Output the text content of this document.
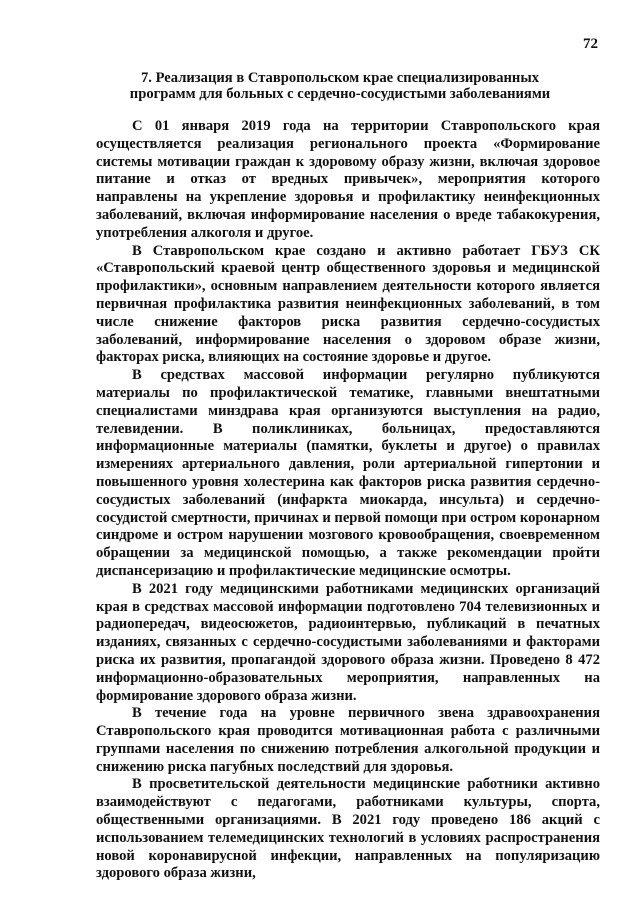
72
7. Реализация в Ставропольском крае специализированных
программ для больных с сердечно-сосудистыми заболеваниями

С 01 января 2019 года на территории Ставропольского края осуществляется реализация регионального проекта «Формирование системы мотивации граждан к здоровому образу жизни, включая здоровое питание и отказ от вредных привычек», мероприятия которого направлены на укрепление здоровья и профилактику неинфекционных заболеваний, включая информирование населения о вреде табакокурения, употребления алкоголя и другое.

В Ставропольском крае создано и активно работает ГБУЗ СК «Ставропольский краевой центр общественного здоровья и медицинской профилактики», основным направлением деятельности которого является первичная профилактика развития неинфекционных заболеваний, в том числе снижение факторов риска развития сердечно-сосудистых заболеваний, информирование населения о здоровом образе жизни, факторах риска, влияющих на состояние здоровье и другое.

В средствах массовой информации регулярно публикуются материалы по профилактической тематике, главными внештатными специалистами минздрава края организуются выступления на радио, телевидении. В поликлиниках, больницах, предоставляются информационные материалы (памятки, буклеты и другое) о правилах измерениях артериального давления, роли артериальной гипертонии и повышенного уровня холестерина как факторов риска развития сердечно-сосудистых заболеваний (инфаркта миокарда, инсульта) и сердечно-сосудистой смертности, причинах и первой помощи при остром коронарном синдроме и остром нарушении мозгового кровообращения, своевременном обращении за медицинской помощью, а также рекомендации пройти диспансеризацию и профилактические медицинские осмотры.

В 2021 году медицинскими работниками медицинских организаций края в средствах массовой информации подготовлено 704 телевизионных и радиопередач, видеосюжетов, радиоинтервью, публикаций в печатных изданиях, связанных с сердечно-сосудистыми заболеваниями и факторами риска их развития, пропагандой здорового образа жизни. Проведено 8 472 информационно-образовательных мероприятия, направленных на формирование здорового образа жизни.

В течение года на уровне первичного звена здравоохранения Ставропольского края проводится мотивационная работа с различными группами населения по снижению потребления алкогольной продукции и снижению риска пагубных последствий для здоровья.

В просветительской деятельности медицинские работники активно взаимодействуют с педагогами, работниками культуры, спорта, общественными организациями. В 2021 году проведено 186 акций с использованием телемедицинских технологий в условиях распространения новой коронавирусной инфекции, направленных на популяризацию здорового образа жизни,
